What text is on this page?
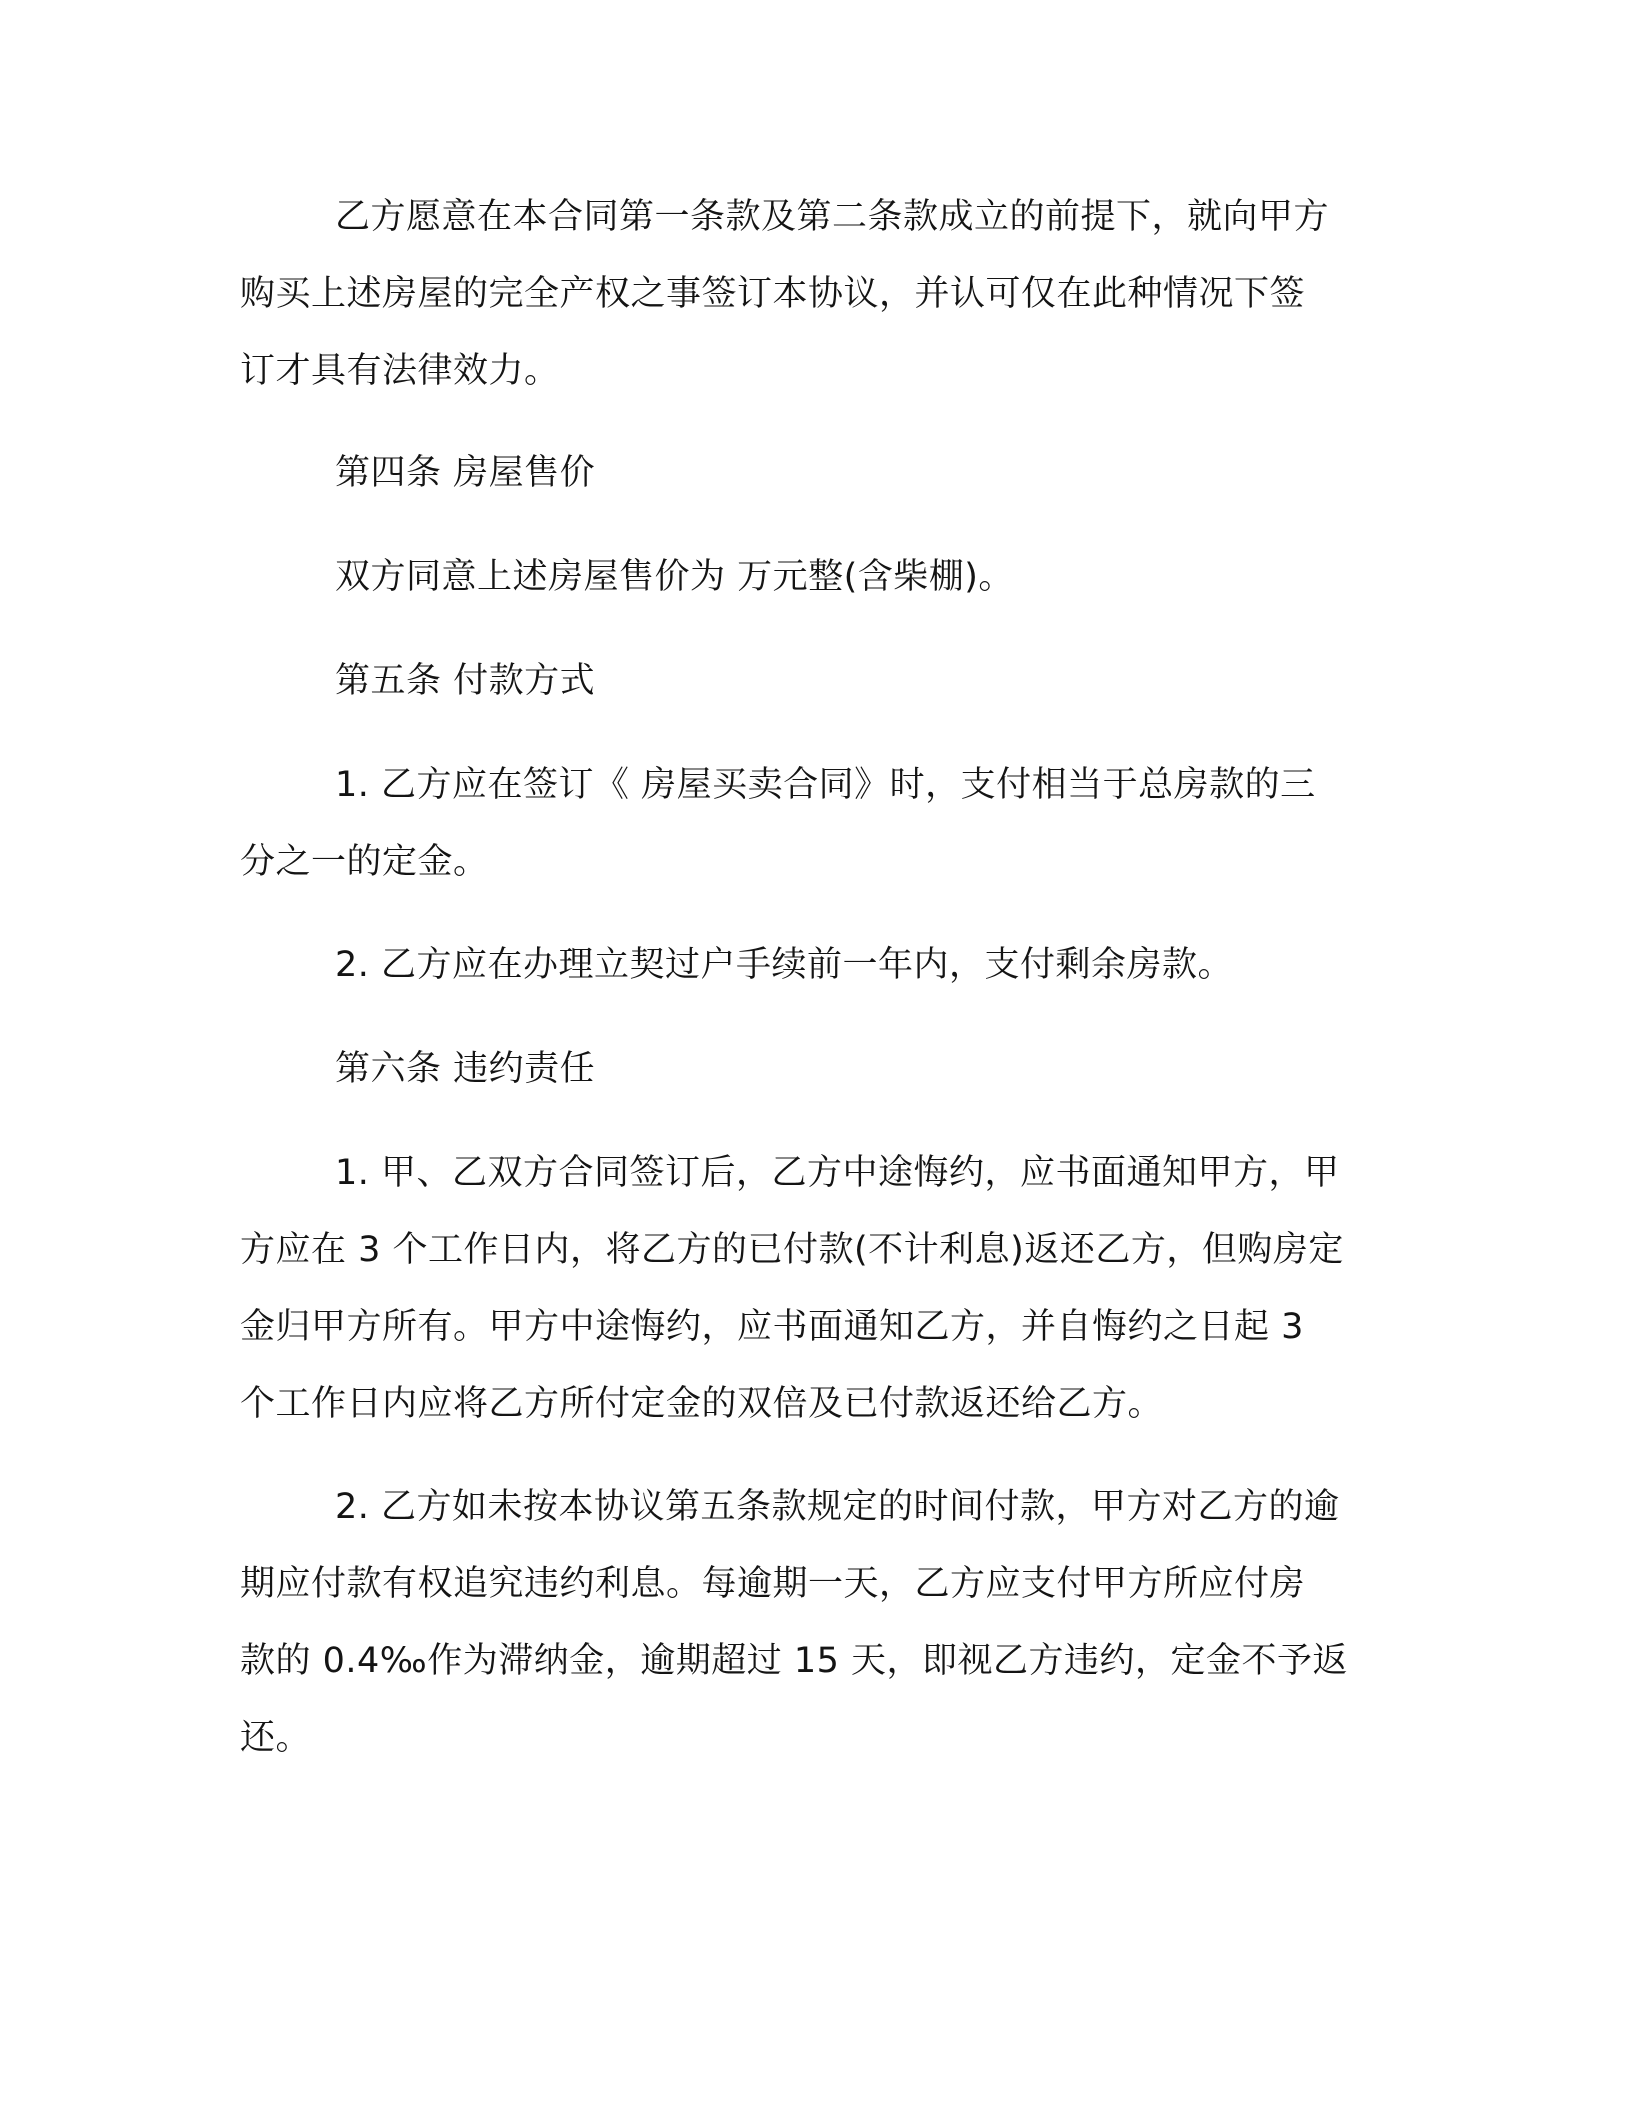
乙方愿意在本合同第一条款及第二条款成立的前提下，就向甲方
购买上述房屋的完全产权之事签订本协议，并认可仅在此种情况下签
订才具有法律效力。
第四条 房屋售价
双方同意上述房屋售价为 万元整(含柴棚)。
第五条 付款方式
1. 乙方应在签订《 房屋买卖合同》时，支付相当于总房款的三
分之一的定金。
2. 乙方应在办理立契过户手续前一年内，支付剩余房款。
第六条 违约责任
1. 甲、乙双方合同签订后，乙方中途悔约，应书面通知甲方，甲
方应在 3 个工作日内，将乙方的已付款(不计利息)返还乙方，但购房定
金归甲方所有。甲方中途悔约，应书面通知乙方，并自悔约之日起 3
个工作日内应将乙方所付定金的双倍及已付款返还给乙方。
2. 乙方如未按本协议第五条款规定的时间付款，甲方对乙方的逾
期应付款有权追究违约利息。每逾期一天，乙方应支付甲方所应付房
款的 0.4‰作为滞纳金，逾期超过 15 天，即视乙方违约，定金不予返
还。
